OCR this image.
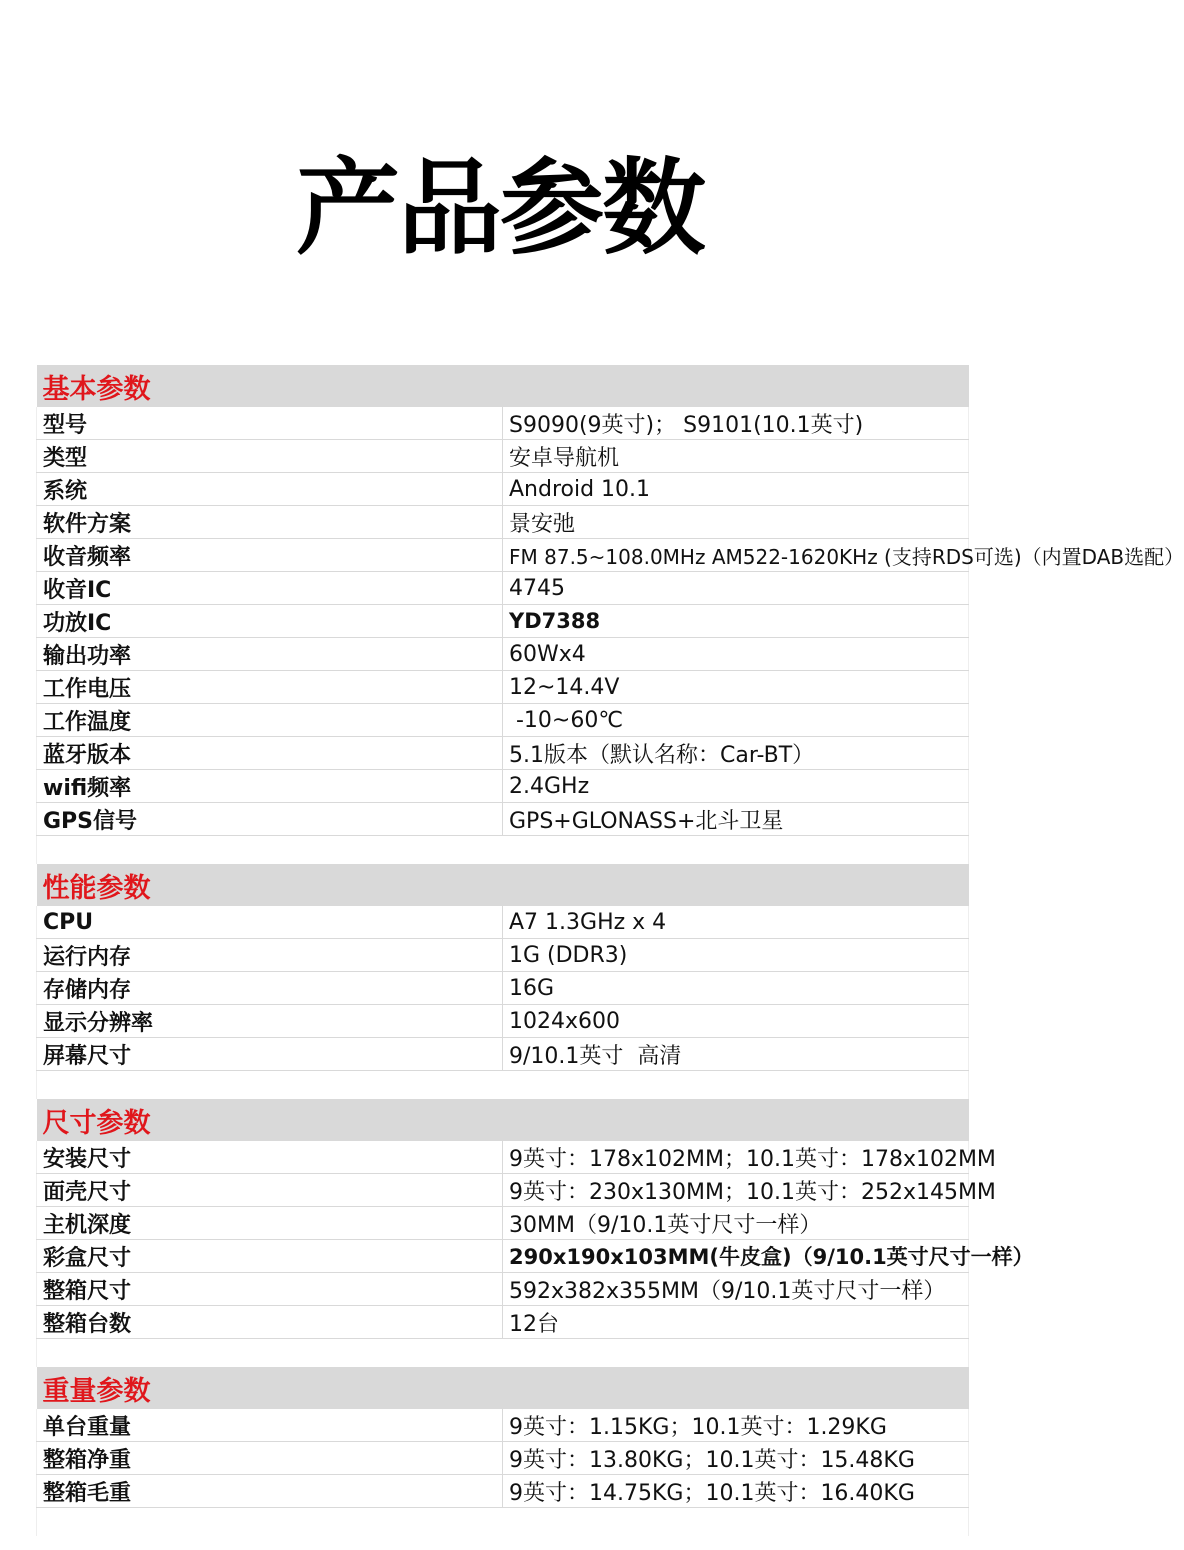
产品参数
基本参数	
型号	S9090(9英寸)； S9101(10.1英寸)
类型	安卓导航机
系统	Android 10.1
软件方案	景安弛
收音频率	FM 87.5~108.0MHz AM522-1620KHz (支持RDS可选)（内置DAB选配）
收音IC	4745
功放IC	YD7388
输出功率	60Wx4
工作电压	12~14.4V
工作温度	-10~60℃
蓝牙版本	5.1版本（默认名称：Car-BT）
wifi频率	2.4GHz
GPS信号	GPS+GLONASS+北斗卫星

性能参数	
CPU	A7 1.3GHz x 4
运行内存	1G (DDR3)
存储内存	16G
显示分辨率	1024x600
屏幕尺寸	9/10.1英寸  高清

尺寸参数	
安装尺寸	9英寸：178x102MM；10.1英寸：178x102MM
面壳尺寸	9英寸：230x130MM；10.1英寸：252x145MM
主机深度	30MM（9/10.1英寸尺寸一样）
彩盒尺寸	290x190x103MM(牛皮盒)（9/10.1英寸尺寸一样）
整箱尺寸	592x382x355MM（9/10.1英寸尺寸一样）
整箱台数	12台

重量参数	
单台重量	9英寸：1.15KG；10.1英寸：1.29KG
整箱净重	9英寸：13.80KG；10.1英寸：15.48KG
整箱毛重	9英寸：14.75KG；10.1英寸：16.40KG
